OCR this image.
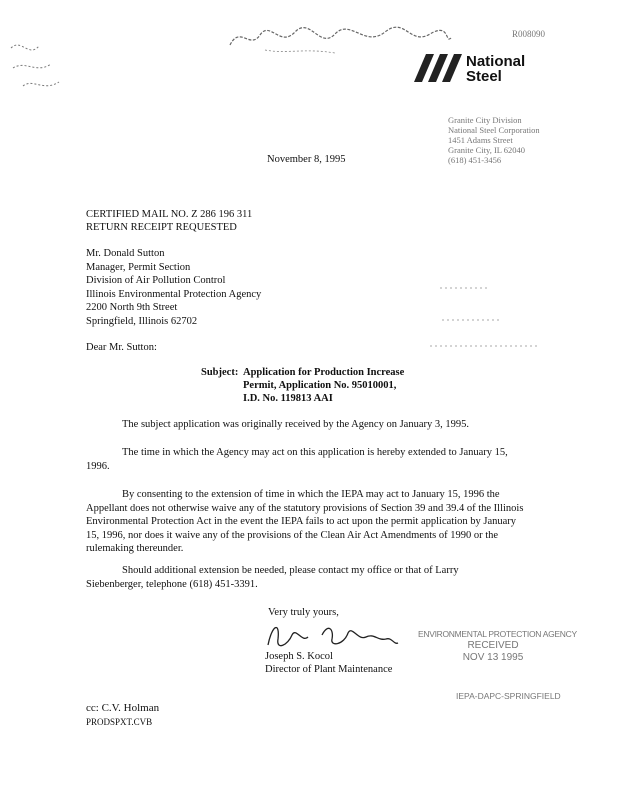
R008090
National
Steel
Granite City Division
National Steel Corporation
1451 Adams Street
Granite City, IL 62040
(618) 451-3456
November 8, 1995
CERTIFIED MAIL NO. Z 286 196 311
RETURN RECEIPT REQUESTED
Mr. Donald Sutton
Manager, Permit Section
Division of Air Pollution Control
Illinois Environmental Protection Agency
2200 North 9th Street
Springfield, Illinois 62702
Dear Mr. Sutton:
Subject: Application for Production Increase
Permit, Application No. 95010001,
I.D. No. 119813 AAI
The subject application was originally received by the Agency on January 3, 1995.
The time in which the Agency may act on this application is hereby extended to January 15, 1996.
By consenting to the extension of time in which the IEPA may act to January 15, 1996 the Appellant does not otherwise waive any of the statutory provisions of Section 39 and 39.4 of the Illinois Environmental Protection Act in the event the IEPA fails to act upon the permit application by January 15, 1996, nor does it waive any of the provisions of the Clean Air Act Amendments of 1990 or the rulemaking thereunder.
Should additional extension be needed, please contact my office or that of Larry Siebenberger, telephone (618) 451-3391.
Very truly yours,
Joseph S. Kocol
Director of Plant Maintenance
ENVIRONMENTAL PROTECTION AGENCY
RECEIVED
NOV 13 1995
IEPA-DAPC-SPRINGFIELD
cc: C.V. Holman
PRODSPXT.CVB
